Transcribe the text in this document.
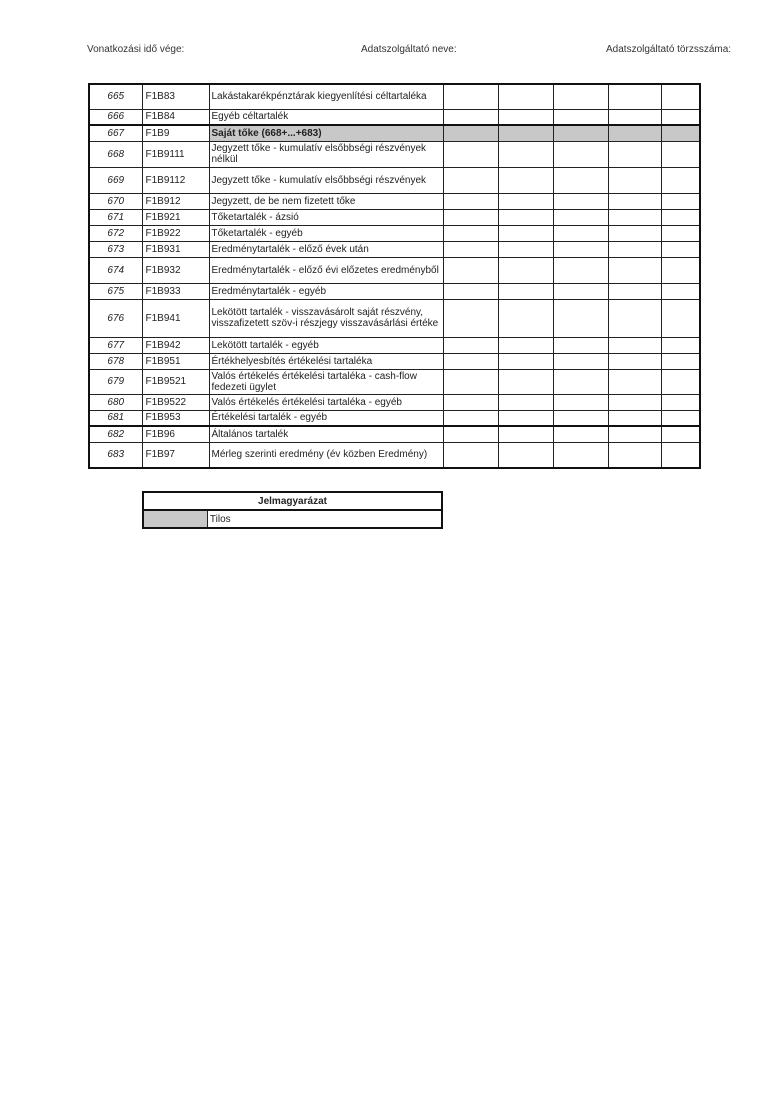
Vonatkozási idő vége:	Adatszolgáltató neve:	Adatszolgáltató törzsszáma:
665	F1B83	Lakástakarékpénztárak kiegyenlítési céltartaléka					
666	F1B84	Egyéb céltartalék					
667	F1B9	Saját tőke (668+...+683)					
668	F1B9111	Jegyzett tőke - kumulatív elsőbbségi részvények nélkül					
669	F1B9112	Jegyzett tőke - kumulatív elsőbbségi részvények					
670	F1B912	Jegyzett, de be nem fizetett tőke					
671	F1B921	Tőketartalék - ázsió					
672	F1B922	Tőketartalék - egyéb					
673	F1B931	Eredménytartalék - előző évek után					
674	F1B932	Eredménytartalék - előző évi előzetes eredményből					
675	F1B933	Eredménytartalék - egyéb					
676	F1B941	Lekötött tartalék - visszavásárolt saját részvény, visszafizetett szöv-i részjegy visszavásárlási értéke					
677	F1B942	Lekötött tartalék - egyéb					
678	F1B951	Értékhelyesbítés értékelési tartaléka					
679	F1B9521	Valós értékelés értékelési tartaléka - cash-flow fedezeti ügylet					
680	F1B9522	Valós értékelés értékelési tartaléka - egyéb					
681	F1B953	Értékelési tartalék - egyéb					
682	F1B96	Általános tartalék					
683	F1B97	Mérleg szerinti eredmény (év közben Eredmény)					
Jelmagyarázat
	Tilos
